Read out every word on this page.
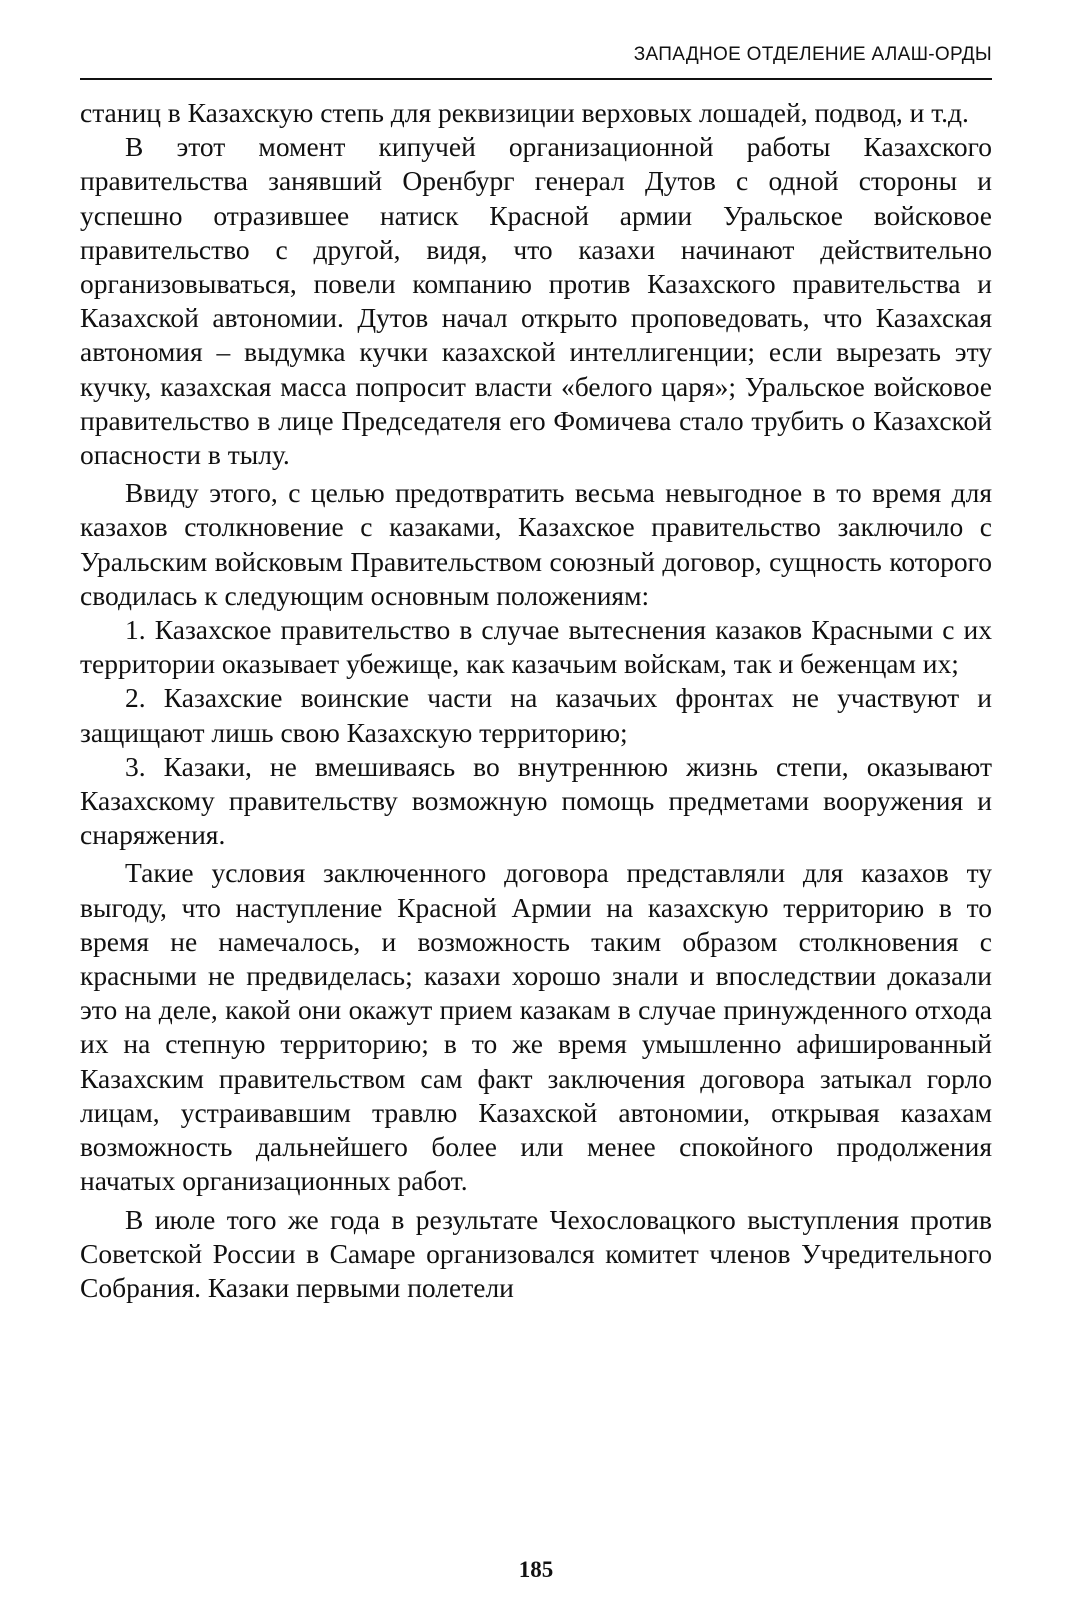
ЗАПАДНОЕ ОТДЕЛЕНИЕ АЛАШ-ОРДЫ

станиц в Казахскую степь для реквизиции верховых лошадей, подвод, и т.д.

В этот момент кипучей организационной работы Казахского правительства занявший Оренбург генерал Дутов с одной стороны и успешно отразившее натиск Красной армии Уральское войсковое правительство с другой, видя, что казахи начинают действительно организовываться, повели компанию против Казахского правительства и Казахской автономии. Дутов начал открыто проповедовать, что Казахская автономия – выдумка кучки казахской интеллигенции; если вырезать эту кучку, казахская масса попросит власти «белого царя»; Уральское войсковое правительство в лице Председателя его Фомичева стало трубить о Казахской опасности в тылу.

Ввиду этого, с целью предотвратить весьма невыгодное в то время для казахов столкновение с казаками, Казахское правительство заключило с Уральским войсковым Правительством союзный договор, сущность которого сводилась к следующим основным положениям:

1. Казахское правительство в случае вытеснения казаков Красными с их территории оказывает убежище, как казачьим войскам, так и беженцам их;

2. Казахские воинские части на казачьих фронтах не участвуют и защищают лишь свою Казахскую территорию;

3. Казаки, не вмешиваясь во внутреннюю жизнь степи, оказывают Казахскому правительству возможную помощь предметами вооружения и снаряжения.

Такие условия заключенного договора представляли для казахов ту выгоду, что наступление Красной Армии на казахскую территорию в то время не намечалось, и возможность таким образом столкновения с красными не предвиделась; казахи хорошо знали и впоследствии доказали это на деле, какой они окажут прием казакам в случае принужденного отхода их на степную территорию; в то же время умышленно афишированный Казахским правительством сам факт заключения договора затыкал горло лицам, устраивавшим травлю Казахской автономии, открывая казахам возможность дальнейшего более или менее спокойного продолжения начатых организационных работ.

В июле того же года в результате Чехословацкого выступления против Советской России в Самаре организовался комитет членов Учредительного Собрания. Казаки первыми полетели

185
